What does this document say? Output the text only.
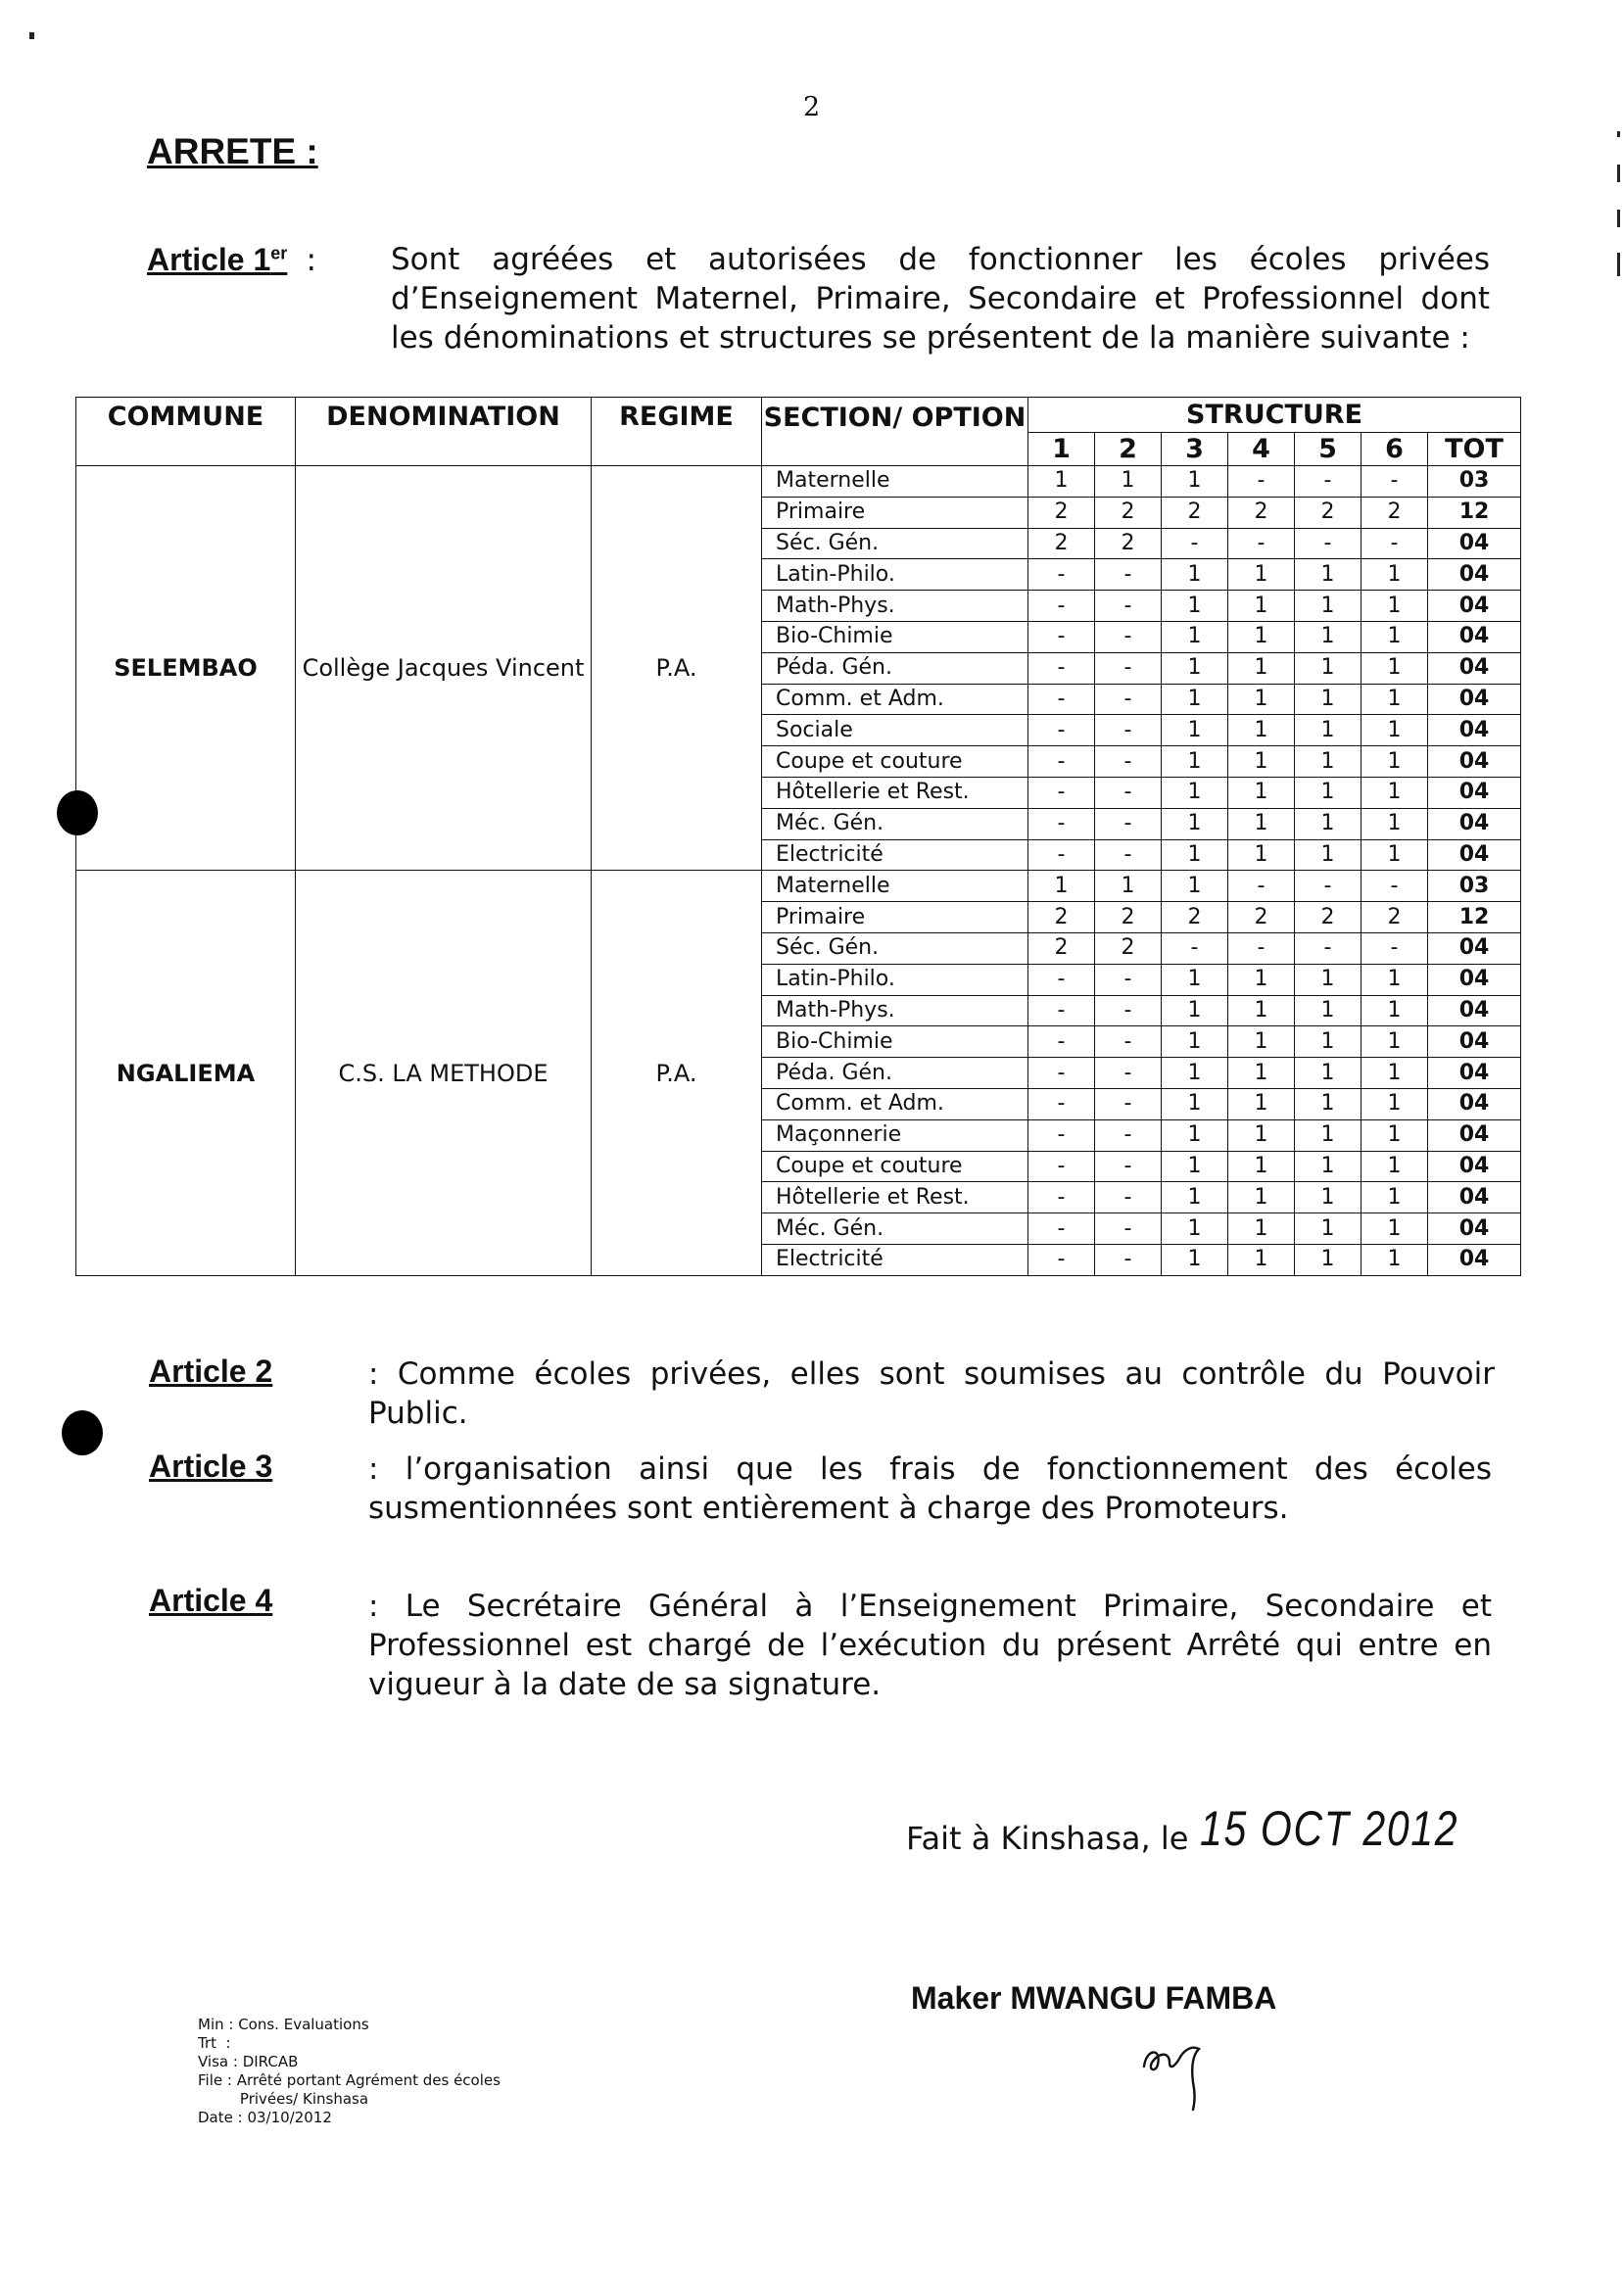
2
ARRETE :
Article 1er : Sont agréées et autorisées de fonctionner les écoles privées d’Enseignement Maternel, Primaire, Secondaire et Professionnel dont les dénominations et structures se présentent de la manière suivante :
COMMUNE	DENOMINATION	REGIME	SECTION/ OPTION	STRUCTURE						
				1	2	3	4	5	6	TOT
SELEMBAO	Collège Jacques Vincent	P.A.	Maternelle	1	1	1	-	-	-	03
			Primaire	2	2	2	2	2	2	12
			Séc. Gén.	2	2	-	-	-	-	04
			Latin-Philo.	-	-	1	1	1	1	04
			Math-Phys.	-	-	1	1	1	1	04
			Bio-Chimie	-	-	1	1	1	1	04
			Péda. Gén.	-	-	1	1	1	1	04
			Comm. et Adm.	-	-	1	1	1	1	04
			Sociale	-	-	1	1	1	1	04
			Coupe et couture	-	-	1	1	1	1	04
			Hôtellerie et Rest.	-	-	1	1	1	1	04
			Méc. Gén.	-	-	1	1	1	1	04
			Electricité	-	-	1	1	1	1	04
NGALIEMA	C.S. LA METHODE	P.A.	Maternelle	1	1	1	-	-	-	03
			Primaire	2	2	2	2	2	2	12
			Séc. Gén.	2	2	-	-	-	-	04
			Latin-Philo.	-	-	1	1	1	1	04
			Math-Phys.	-	-	1	1	1	1	04
			Bio-Chimie	-	-	1	1	1	1	04
			Péda. Gén.	-	-	1	1	1	1	04
			Comm. et Adm.	-	-	1	1	1	1	04
			Maçonnerie	-	-	1	1	1	1	04
			Coupe et couture	-	-	1	1	1	1	04
			Hôtellerie et Rest.	-	-	1	1	1	1	04
			Méc. Gén.	-	-	1	1	1	1	04
			Electricité	-	-	1	1	1	1	04
Article 2	: Comme écoles privées, elles sont soumises au contrôle du Pouvoir Public.
Article 3	: l’organisation ainsi que les frais de fonctionnement des écoles susmentionnées sont entièrement à charge des Promoteurs.
Article 4	: Le Secrétaire Général à l’Enseignement Primaire, Secondaire et Professionnel est chargé de l’exécution du présent Arrêté qui entre en vigueur à la date de sa signature.
Fait à Kinshasa, le 15 OCT 2012
Maker MWANGU FAMBA
Min : Cons. Evaluations
Trt  :
Visa : DIRCAB
File : Arrêté portant Agrément des écoles
Privées/ Kinshasa
Date : 03/10/2012
